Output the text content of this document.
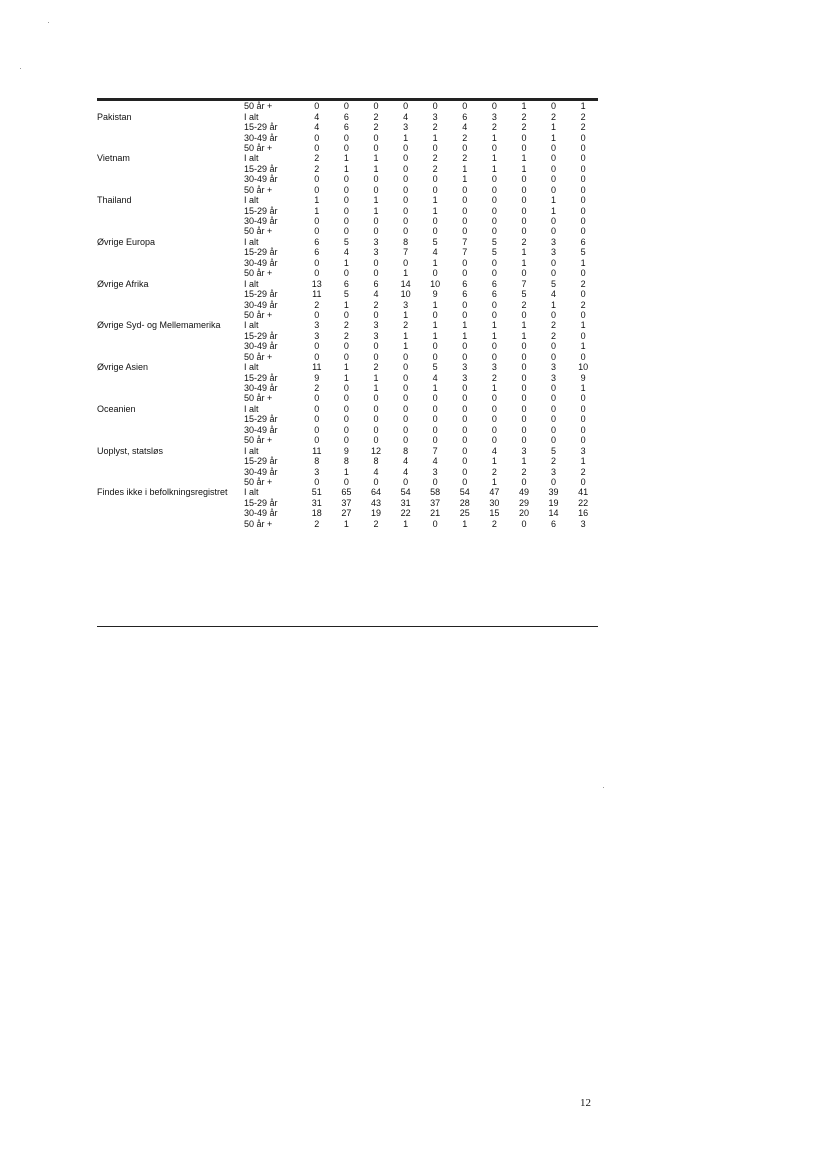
	50 år +	0	0	0	0	0	0	0	1	0	1
Pakistan	I alt	4	6	2	4	3	6	3	2	2	2
	15-29 år	4	6	2	3	2	4	2	2	1	2
	30-49 år	0	0	0	1	1	2	1	0	1	0
	50 år +	0	0	0	0	0	0	0	0	0	0
Vietnam	I alt	2	1	1	0	2	2	1	1	0	0
	15-29 år	2	1	1	0	2	1	1	1	0	0
	30-49 år	0	0	0	0	0	1	0	0	0	0
	50 år +	0	0	0	0	0	0	0	0	0	0
Thailand	I alt	1	0	1	0	1	0	0	0	1	0
	15-29 år	1	0	1	0	1	0	0	0	1	0
	30-49 år	0	0	0	0	0	0	0	0	0	0
	50 år +	0	0	0	0	0	0	0	0	0	0
Øvrige Europa	I alt	6	5	3	8	5	7	5	2	3	6
	15-29 år	6	4	3	7	4	7	5	1	3	5
	30-49 år	0	1	0	0	1	0	0	1	0	1
	50 år +	0	0	0	1	0	0	0	0	0	0
Øvrige Afrika	I alt	13	6	6	14	10	6	6	7	5	2
	15-29 år	11	5	4	10	9	6	6	5	4	0
	30-49 år	2	1	2	3	1	0	0	2	1	2
	50 år +	0	0	0	1	0	0	0	0	0	0
Øvrige Syd- og Mellemamerika	I alt	3	2	3	2	1	1	1	1	2	1
	15-29 år	3	2	3	1	1	1	1	1	2	0
	30-49 år	0	0	0	1	0	0	0	0	0	1
	50 år +	0	0	0	0	0	0	0	0	0	0
Øvrige Asien	I alt	11	1	2	0	5	3	3	0	3	10
	15-29 år	9	1	1	0	4	3	2	0	3	9
	30-49 år	2	0	1	0	1	0	1	0	0	1
	50 år +	0	0	0	0	0	0	0	0	0	0
Oceanien	I alt	0	0	0	0	0	0	0	0	0	0
	15-29 år	0	0	0	0	0	0	0	0	0	0
	30-49 år	0	0	0	0	0	0	0	0	0	0
	50 år +	0	0	0	0	0	0	0	0	0	0
Uoplyst, statsløs	I alt	11	9	12	8	7	0	4	3	5	3
	15-29 år	8	8	8	4	4	0	1	1	2	1
	30-49 år	3	1	4	4	3	0	2	2	3	2
	50 år +	0	0	0	0	0	0	1	0	0	0
Findes ikke i befolkningsregistret	I alt	51	65	64	54	58	54	47	49	39	41
	15-29 år	31	37	43	31	37	28	30	29	19	22
	30-49 år	18	27	19	22	21	25	15	20	14	16
	50 år +	2	1	2	1	0	1	2	0	6	3
12
